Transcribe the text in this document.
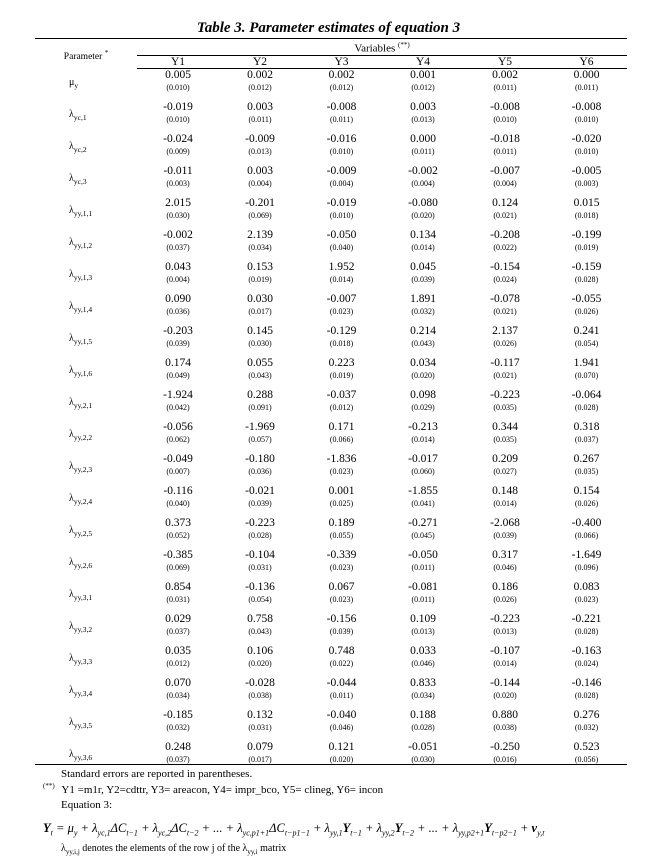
Table 3. Parameter estimates of equation 3
Parameter *	Variables (**)
	Y1	Y2	Y3	Y4	Y5	Y6
$\mu_y$	0.005	0.002	0.002	0.001	0.002	0.000
	(0.010)	(0.012)	(0.012)	(0.012)	(0.011)	(0.011)
$\lambda_{yc,1}$	-0.019	0.003	-0.008	0.003	-0.008	-0.008
	(0.010)	(0.011)	(0.011)	(0.013)	(0.010)	(0.010)
$\lambda_{yc,2}$	-0.024	-0.009	-0.016	0.000	-0.018	-0.020
	(0.009)	(0.013)	(0.010)	(0.011)	(0.011)	(0.010)
$\lambda_{yc,3}$	-0.011	0.003	-0.009	-0.002	-0.007	-0.005
	(0.003)	(0.004)	(0.004)	(0.004)	(0.004)	(0.003)
$\lambda_{yy,1,1}$	2.015	-0.201	-0.019	-0.080	0.124	0.015
	(0.030)	(0.069)	(0.010)	(0.020)	(0.021)	(0.018)
$\lambda_{yy,1,2}$	-0.002	2.139	-0.050	0.134	-0.208	-0.199
	(0.037)	(0.034)	(0.040)	(0.014)	(0.022)	(0.019)
$\lambda_{yy,1,3}$	0.043	0.153	1.952	0.045	-0.154	-0.159
	(0.004)	(0.019)	(0.014)	(0.039)	(0.024)	(0.028)
$\lambda_{yy,1,4}$	0.090	0.030	-0.007	1.891	-0.078	-0.055
	(0.036)	(0.017)	(0.023)	(0.032)	(0.021)	(0.026)
$\lambda_{yy,1,5}$	-0.203	0.145	-0.129	0.214	2.137	0.241
	(0.039)	(0.030)	(0.018)	(0.043)	(0.026)	(0.054)
$\lambda_{yy,1,6}$	0.174	0.055	0.223	0.034	-0.117	1.941
	(0.049)	(0.043)	(0.019)	(0.020)	(0.021)	(0.070)
$\lambda_{yy,2,1}$	-1.924	0.288	-0.037	0.098	-0.223	-0.064
	(0.042)	(0.091)	(0.012)	(0.029)	(0.035)	(0.028)
$\lambda_{yy,2,2}$	-0.056	-1.969	0.171	-0.213	0.344	0.318
	(0.062)	(0.057)	(0.066)	(0.014)	(0.035)	(0.037)
$\lambda_{yy,2,3}$	-0.049	-0.180	-1.836	-0.017	0.209	0.267
	(0.007)	(0.036)	(0.023)	(0.060)	(0.027)	(0.035)
$\lambda_{yy,2,4}$	-0.116	-0.021	0.001	-1.855	0.148	0.154
	(0.040)	(0.039)	(0.025)	(0.041)	(0.014)	(0.026)
$\lambda_{yy,2,5}$	0.373	-0.223	0.189	-0.271	-2.068	-0.400
	(0.052)	(0.028)	(0.055)	(0.045)	(0.039)	(0.066)
$\lambda_{yy,2,6}$	-0.385	-0.104	-0.339	-0.050	0.317	-1.649
	(0.069)	(0.031)	(0.023)	(0.011)	(0.046)	(0.096)
$\lambda_{yy,3,1}$	0.854	-0.136	0.067	-0.081	0.186	0.083
	(0.031)	(0.054)	(0.023)	(0.011)	(0.026)	(0.023)
$\lambda_{yy,3,2}$	0.029	0.758	-0.156	0.109	-0.223	-0.221
	(0.037)	(0.043)	(0.039)	(0.013)	(0.013)	(0.028)
$\lambda_{yy,3,3}$	0.035	0.106	0.748	0.033	-0.107	-0.163
	(0.012)	(0.020)	(0.022)	(0.046)	(0.014)	(0.024)
$\lambda_{yy,3,4}$	0.070	-0.028	-0.044	0.833	-0.144	-0.146
	(0.034)	(0.038)	(0.011)	(0.034)	(0.020)	(0.028)
$\lambda_{yy,3,5}$	-0.185	0.132	-0.040	0.188	0.880	0.276
	(0.032)	(0.031)	(0.046)	(0.028)	(0.038)	(0.032)
$\lambda_{yy,3,6}$	0.248	0.079	0.121	-0.051	-0.250	0.523
	(0.037)	(0.017)	(0.020)	(0.030)	(0.016)	(0.056)
Standard errors are reported in parentheses.
(**) Y1 =m1r, Y2=cdttr, Y3= areacon, Y4= impr_bco, Y5= clineg, Y6= incon
Equation 3:
$Y_t = \mu_y + \lambda_{yc,1}\Delta C_{t-1} + \lambda_{yc,2}\Delta C_{t-2}$ + ... + $\lambda_{yc,p1+1}\Delta C_{t-p1-1} + \lambda_{yy,1}Y_{t-1} + \lambda_{yy,2}Y_{t-2}$ + ... + $\lambda_{yy,p2+1}Y_{t-p2-1} + v_{y,t}$
$\lambda_{yy,i,j}$ denotes the elements of the row j of the $\lambda_{yy,i}$ matrix
